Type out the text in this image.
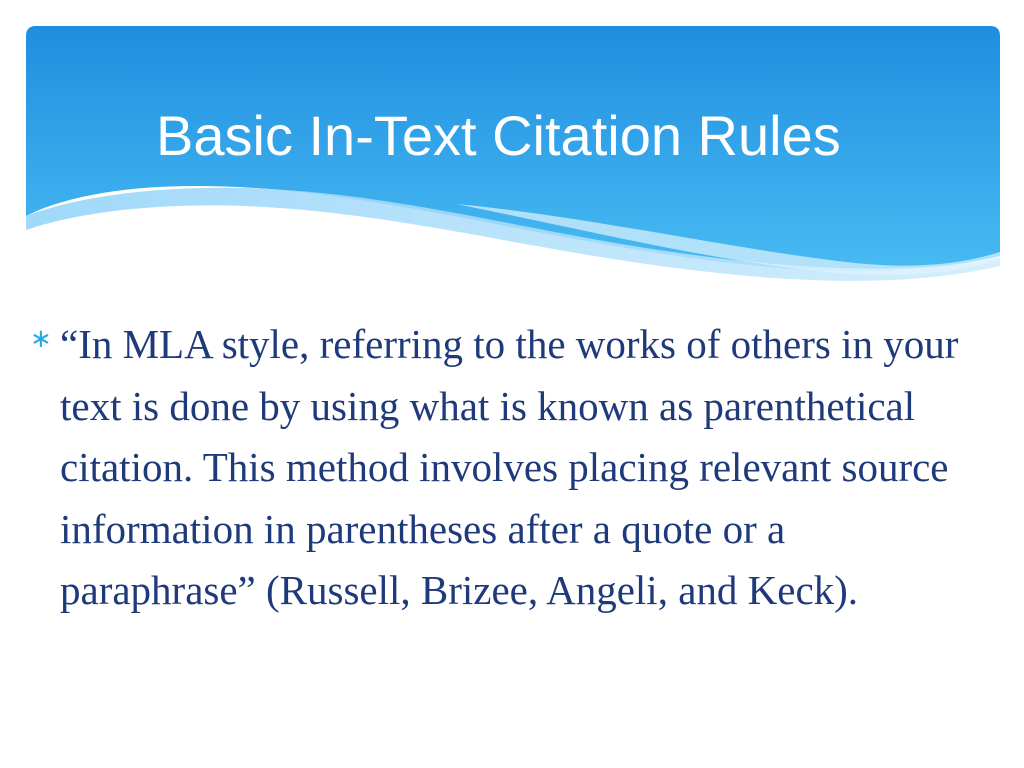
Basic In-Text Citation Rules
∗ “In MLA style, referring to the works of others in your text is done by using what is known as parenthetical citation. This method involves placing relevant source information in parentheses after a quote or a paraphrase” (Russell, Brizee, Angeli, and Keck).
